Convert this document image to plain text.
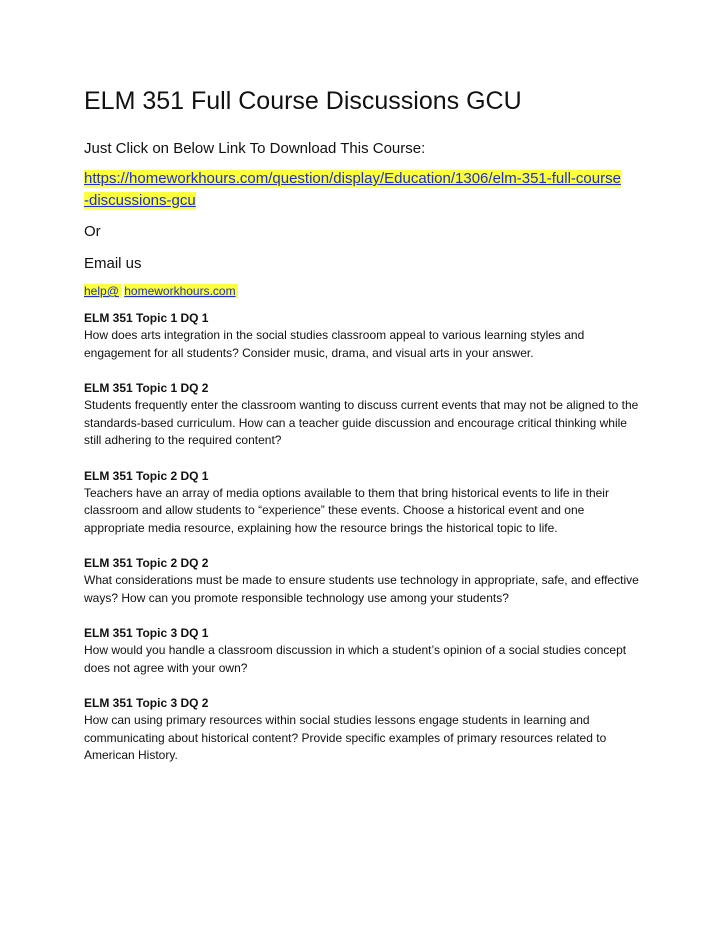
ELM 351 Full Course Discussions GCU

Just Click on Below Link To Download This Course:

https://homeworkhours.com/question/display/Education/1306/elm-351-full-course-discussions-gcu

Or

Email us

help@ homeworkhours.com
ELM 351 Topic 1 DQ 1

How does arts integration in the social studies classroom appeal to various learning styles and engagement for all students? Consider music, drama, and visual arts in your answer.

ELM 351 Topic 1 DQ 2

Students frequently enter the classroom wanting to discuss current events that may not be aligned to the standards-based curriculum. How can a teacher guide discussion and encourage critical thinking while still adhering to the required content?

ELM 351 Topic 2 DQ 1

Teachers have an array of media options available to them that bring historical events to life in their classroom and allow students to “experience” these events. Choose a historical event and one appropriate media resource, explaining how the resource brings the historical topic to life.

ELM 351 Topic 2 DQ 2

What considerations must be made to ensure students use technology in appropriate, safe, and effective ways? How can you promote responsible technology use among your students?

ELM 351 Topic 3 DQ 1

How would you handle a classroom discussion in which a student’s opinion of a social studies concept does not agree with your own?

ELM 351 Topic 3 DQ 2

How can using primary resources within social studies lessons engage students in learning and communicating about historical content? Provide specific examples of primary resources related to American History.
